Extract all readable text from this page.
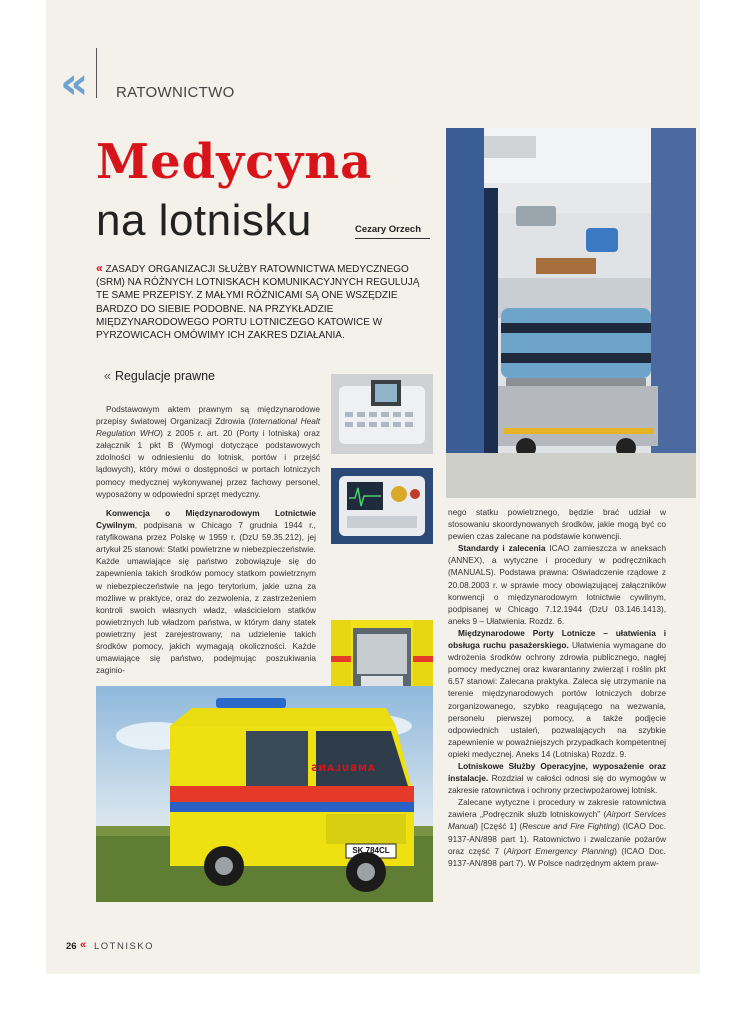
« RATOWNICTWO
Medycyna
na lotnisku	Cezary Orzech
« ZASADY ORGANIZACJI SŁUŻBY RATOWNICTWA MEDYCZNEGO (SRM) NA RÓŻNYCH LOTNISKACH KOMUNIKACYJNYCH REGULUJĄ TE SAME PRZEPISY. Z MAŁYMI RÓŻNICAMI SĄ ONE WSZĘDZIE BARDZO DO SIEBIE PODOBNE. NA PRZYKŁADZIE MIĘDZYNARODOWEGO PORTU LOTNICZEGO KATOWICE W PYRZOWICACH OMÓWIMY ICH ZAKRES DZIAŁANIA.
« Regulacje prawne

Podstawowym aktem prawnym są międzynarodowe przepisy światowej Organizacji Zdrowia (International Healt Regulation WHO) z 2005 r. art. 20 (Porty i lotniska) oraz załącznik 1 pkt B (Wymogi dotyczące podstawowych zdolności w odniesieniu do lotnisk, portów i przejść lądowych), który mówi o dostępności w portach lotniczych pomocy medycznej wykonywanej przez fachowy personel, wyposażony w odpowiedni sprzęt medyczny.

Konwencja o Międzynarodowym Lotnictwie Cywilnym, podpisana w Chicago 7 grudnia 1944 r., ratyfikowana przez Polskę w 1959 r. (DzU 59.35.212), jej artykuł 25 stanowi: Statki powietrzne w niebezpieczeństwie. Każde umawiające się państwo zobowiązuje się do zapewnienia takich środków pomocy statkom powietrznym w niebezpieczeństwie na jego terytorium, jakie uzna za możliwe w praktyce, oraz do zezwolenia, z zastrzeżeniem kontroli swoich własnych władz, właścicielom statków powietrznych lub władzom państwa, w którym dany statek powietrzny jest zarejestrowany, na udzielenie takich środków pomocy, jakich wymagają okoliczności. Każde umawiające się państwo, podejmując poszukiwania zaginio-

nego statku powietrznego, będzie brać udział w stosowaniu skoordynowanych środków, jakie mogą być co pewien czas zalecane na podstawie konwencji.

Standardy i zalecenia ICAO zamieszcza w aneksach (ANNEX), a wytyczne i procedury w podręcznikach (MANUALS). Podstawa prawna: Oświadczenie rządowe z 20.08.2003 r. w sprawie mocy obowiązującej załączników konwencji o międzynarodowym lotnictwie cywilnym, podpisanej w Chicago 7.12.1944 (DzU 03.146.1413), aneks 9 – Ułatwienia. Rozdz. 6.

Międzynarodowe Porty Lotnicze – ułatwienia i obsługa ruchu pasażerskiego. Ułatwienia wymagane do wdrożenia środków ochrony zdrowia publicznego, nagłej pomocy medycznej oraz kwarantanny zwierząt i roślin pkt 6.57 stanowi: Zalecana praktyka. Zaleca się utrzymanie na terenie międzynarodowych portów lotniczych dobrze zorganizowanego, szybko reagującego na wezwania, personelu pierwszej pomocy, a także podjęcie odpowiednich ustaleń, pozwalających na szybkie zapewnienie w poważniejszych przypadkach kompetentnej opieki medycznej. Aneks 14 (Lotniska) Rozdz. 9.

Lotniskowe Służby Operacyjne, wyposażenie oraz instalacje. Rozdział w całości odnosi się do wymogów w zakresie ratownictwa i ochrony przeciwpożarowej lotnisk.

Zalecane wytyczne i procedury w zakresie ratownictwa zawiera „Podręcznik służb lotniskowych” (Airport Services Manual) [Część 1] (Rescue and Fire Fighting) (ICAO Doc. 9137-AN/898 part 1). Ratownictwo i zwalczanie pożarów oraz część 7 (Airport Emergency Planning) (ICAO Doc. 9137-AN/898 part 7). W Polsce nadrzędnym aktem praw-

AMBULANS
SK 784CL
26 « LOTNISKO
